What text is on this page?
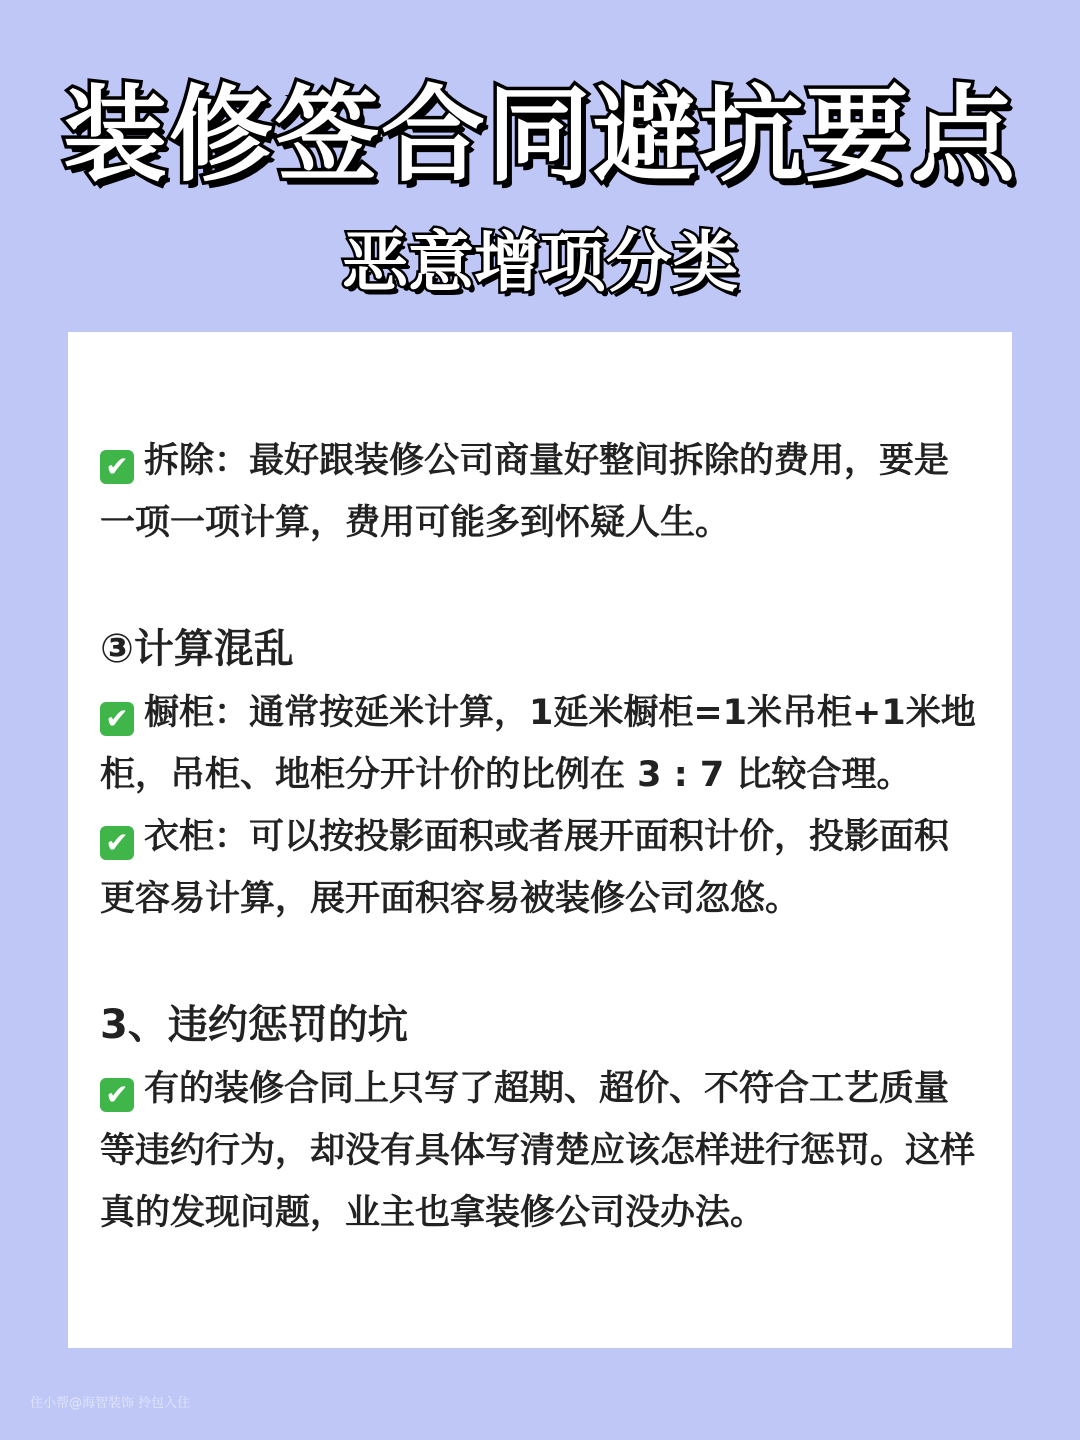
装修签合同避坑要点
恶意增项分类

✔ 拆除：最好跟装修公司商量好整间拆除的费用，要是一项一项计算，费用可能多到怀疑人生。

③计算混乱

✔ 橱柜：通常按延米计算，1延米橱柜=1米吊柜+1米地柜，吊柜、地柜分开计价的比例在 3 : 7 比较合理。

✔ 衣柜：可以按投影面积或者展开面积计价，投影面积更容易计算，展开面积容易被装修公司忽悠。

3、违约惩罚的坑

✔ 有的装修合同上只写了超期、超价、不符合工艺质量等违约行为，却没有具体写清楚应该怎样进行惩罚。这样真的发现问题，业主也拿装修公司没办法。

住小帮@海智装饰 拎包入住
